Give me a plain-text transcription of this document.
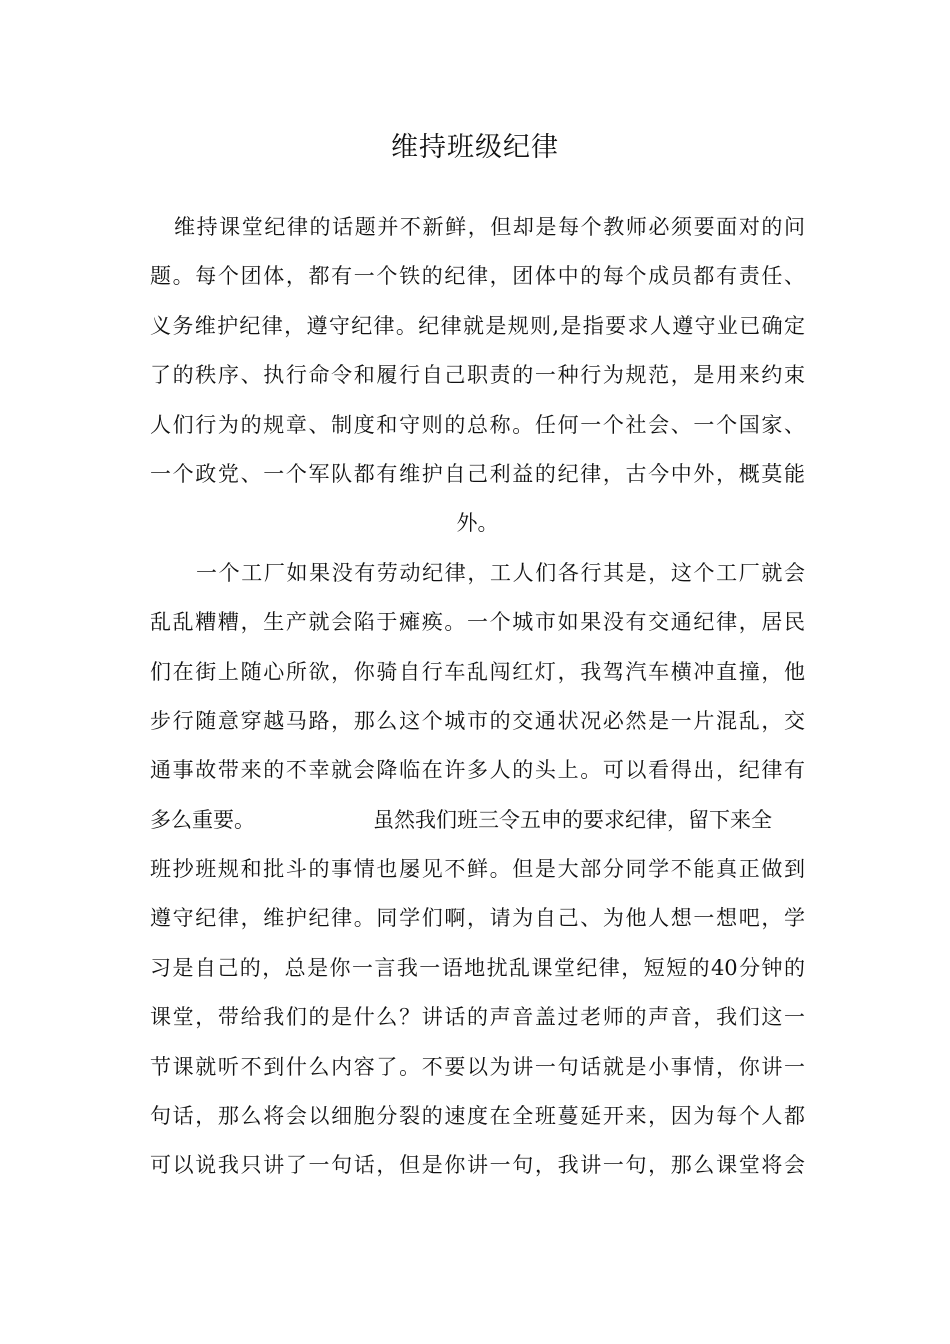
维持班级纪律
维持课堂纪律的话题并不新鲜，但却是每个教师必须要面对的问
题。每个团体，都有一个铁的纪律，团体中的每个成员都有责任、
义务维护纪律，遵守纪律。纪律就是规则,是指要求人遵守业已确定
了的秩序、执行命令和履行自己职责的一种行为规范，是用来约束
人们行为的规章、制度和守则的总称。任何一个社会、一个国家、
一个政党、一个军队都有维护自己利益的纪律，古今中外，概莫能
外。
一个工厂如果没有劳动纪律，工人们各行其是，这个工厂就会
乱乱糟糟，生产就会陷于瘫痪。一个城市如果没有交通纪律，居民
们在街上随心所欲，你骑自行车乱闯红灯，我驾汽车横冲直撞，他
步行随意穿越马路，那么这个城市的交通状况必然是一片混乱，交
通事故带来的不幸就会降临在许多人的头上。可以看得出，纪律有
多么重要。	虽然我们班三令五申的要求纪律，留下来全
班抄班规和批斗的事情也屡见不鲜。但是大部分同学不能真正做到
遵守纪律，维护纪律。同学们啊，请为自己、为他人想一想吧，学
习是自己的，总是你一言我一语地扰乱课堂纪律，短短的40分钟的
课堂，带给我们的是什么？讲话的声音盖过老师的声音，我们这一
节课就听不到什么内容了。不要以为讲一句话就是小事情，你讲一
句话，那么将会以细胞分裂的速度在全班蔓延开来，因为每个人都
可以说我只讲了一句话，但是你讲一句，我讲一句，那么课堂将会
